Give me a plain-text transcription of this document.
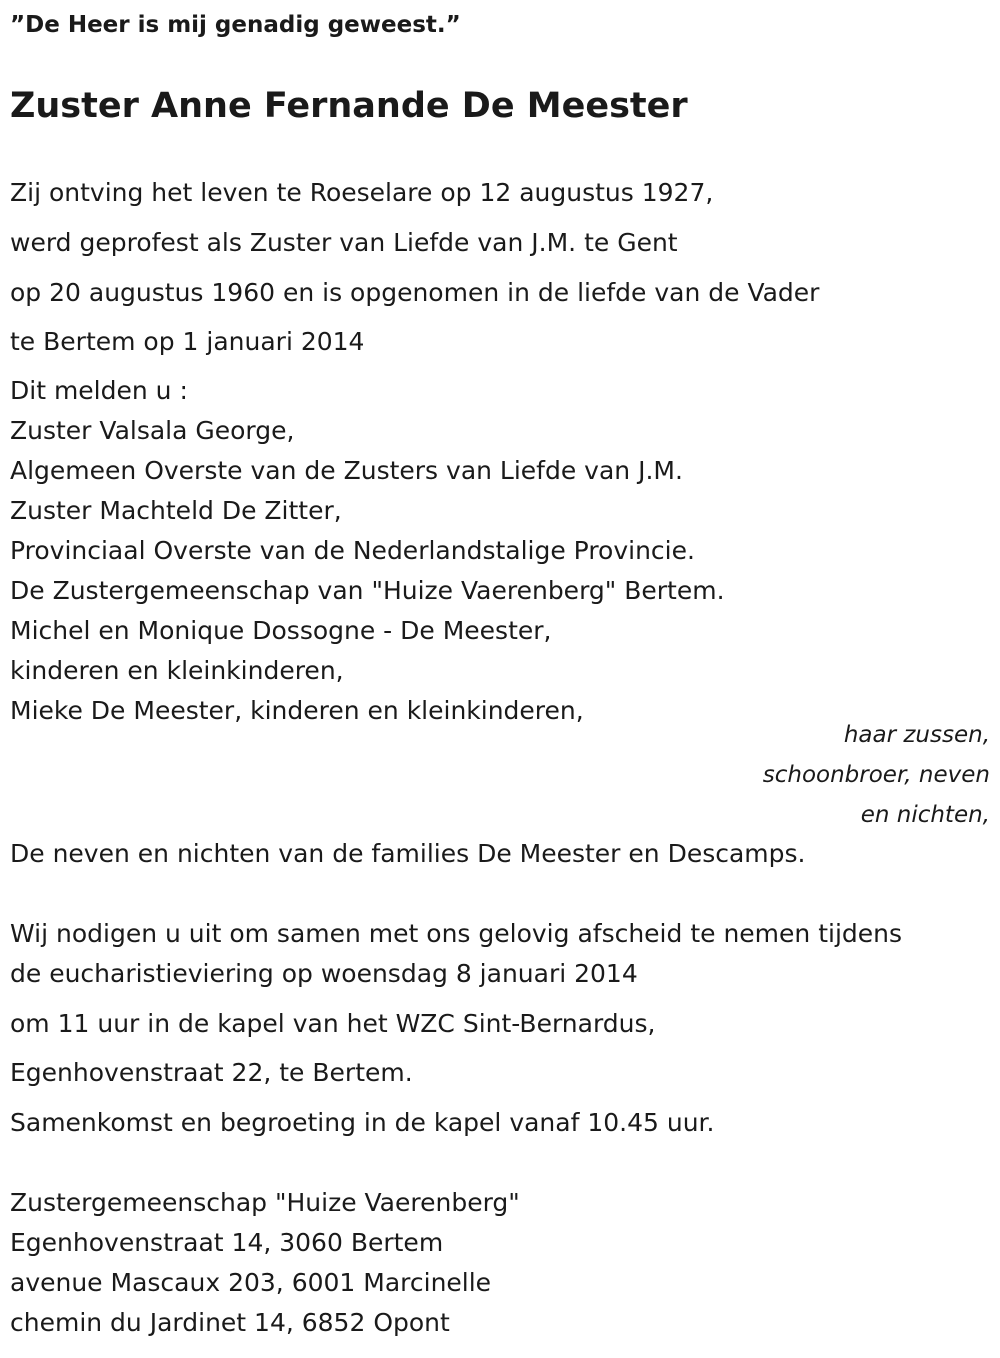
”De Heer is mij genadig geweest.”
Zuster Anne Fernande De Meester
Zij ontving het leven te Roeselare op 12 augustus 1927,
werd geprofest als Zuster van Liefde van J.M. te Gent
op 20 augustus 1960 en is opgenomen in de liefde van de Vader
te Bertem op 1 januari 2014
Dit melden u :
Zuster Valsala George,
Algemeen Overste van de Zusters van Liefde van J.M.
Zuster Machteld De Zitter,
Provinciaal Overste van de Nederlandstalige Provincie.
De Zustergemeenschap van "Huize Vaerenberg" Bertem.
Michel en Monique Dossogne - De Meester,
kinderen en kleinkinderen,
Mieke De Meester, kinderen en kleinkinderen,
haar zussen,
schoonbroer, neven
en nichten,
De neven en nichten van de families De Meester en Descamps.
Wij nodigen u uit om samen met ons gelovig afscheid te nemen tijdens
de eucharistieviering op woensdag 8 januari 2014
om 11 uur in de kapel van het WZC Sint-Bernardus,
Egenhovenstraat 22, te Bertem.
Samenkomst en begroeting in de kapel vanaf 10.45 uur.
Zustergemeenschap "Huize Vaerenberg"
Egenhovenstraat 14, 3060 Bertem
avenue Mascaux 203, 6001 Marcinelle
chemin du Jardinet 14, 6852 Opont
